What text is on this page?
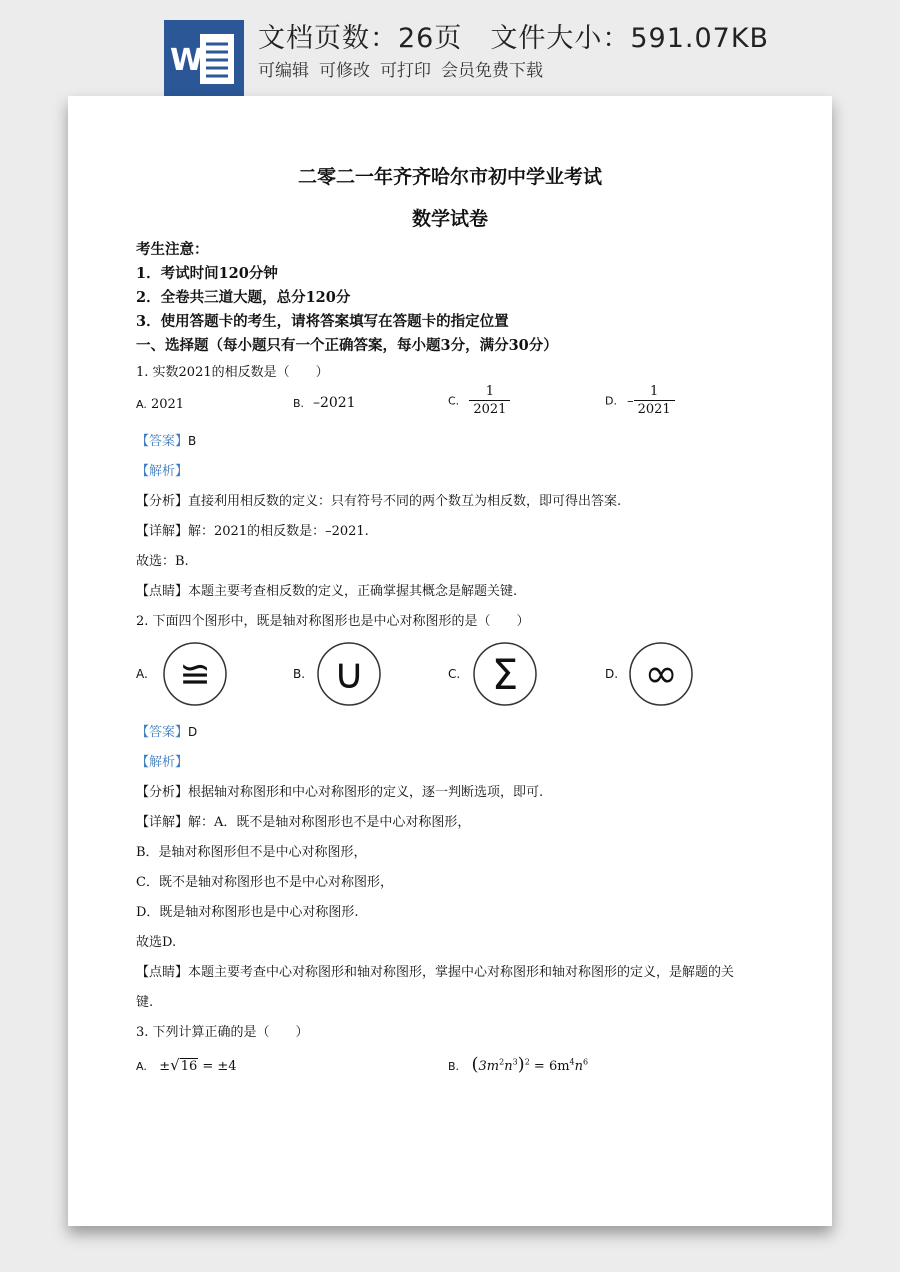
W
文档页数：26页 文件大小：591.07KB
可编辑 可修改 可打印 会员免费下载
二零二一年齐齐哈尔市初中学业考试
数学试卷
考生注意：
1．考试时间120分钟
2．全卷共三道大题，总分120分
3．使用答题卡的考生，请将答案填写在答题卡的指定位置
一、选择题（每小题只有一个正确答案，每小题3分，满分30分）
1. 实数2021的相反数是（　　）
A. 2021	B. –2021	C. $\frac{1}{2021}$	D. – $\frac{1}{2021}$
【答案】B
【解析】
【分析】直接利用相反数的定义：只有符号不同的两个数互为相反数，即可得出答案.
【详解】解：2021的相反数是：–2021.
故选：B.
【点睛】本题主要考查相反数的定义，正确掌握其概念是解题关键.
2. 下面四个图形中，既是轴对称图形也是中心对称图形的是（　　）
A. ≌	B. ∪	C. Σ	D. ∞
【答案】D
【解析】
【分析】根据轴对称图形和中心对称图形的定义，逐一判断选项，即可.
【详解】解：A．既不是轴对称图形也不是中心对称图形，
B．是轴对称图形但不是中心对称图形，
C．既不是轴对称图形也不是中心对称图形，
D．既是轴对称图形也是中心对称图形.
故选D.
【点睛】本题主要考查中心对称图形和轴对称图形，掌握中心对称图形和轴对称图形的定义，是解题的关
键.
3. 下列计算正确的是（　　）
A. ±√16 = ±4	B. $(3m^2n^3)^2 = 6m^4n^6$
